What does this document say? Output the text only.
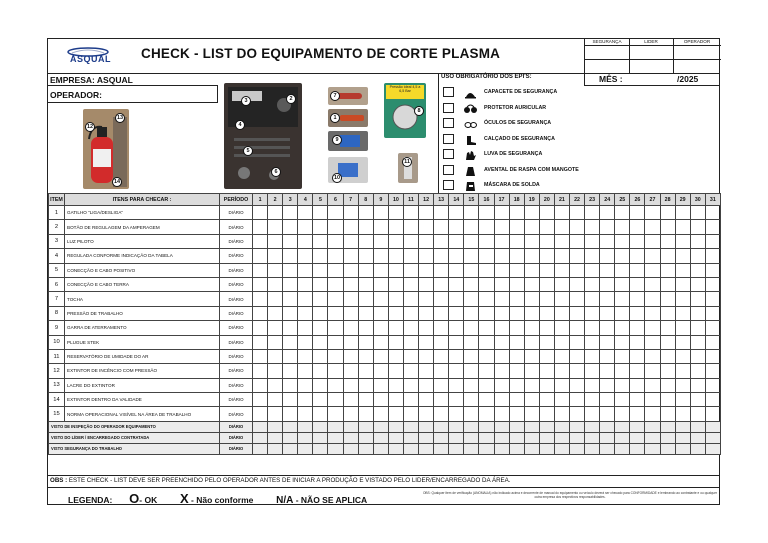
ASQUAL CHECK - LIST DO EQUIPAMENTO DE CORTE PLASMA
SEGURANÇA	LIDER	OPERADOR
EMPRESA: ASQUAL
OPERADOR:
MÊS :	/2025
12
13
14
3	2
4
5
6
7
1
9
10
Pressão ideal 4,5 a 6,5 Bar
8
11
USO OBRIGATÓRIO DOS EPI'S:
CAPACETE DE SEGURANÇA
PROTETOR AURICULAR
ÓCULOS DE SEGURANÇA
CALÇADO DE SEGURANÇA
LUVA DE SEGURANÇA
AVENTAL DE RASPA COM MANGOTE
MÁSCARA DE SOLDA
ITEM	ITENS PARA CHECAR :	PERÍODO	1	2	3	4	5	6	7	8	9	10	11	12	13	14	15	16	17	18	19	20	21	22	23	24	25	26	27	28	29	30	31
1	GATILHO "LIGA/DESLIGA"	DIÁRIO																															
2	BOTÃO DE REGULAGEM DA AMPERAGEM	DIÁRIO																															
3	LUZ PILOTO	DIÁRIO																															
4	REGULADA CONFORME INDICAÇÃO DA TABELA	DIÁRIO																															
5	CONECÇÃO E CABO POSITIVO	DIÁRIO																															
6	CONECÇÃO E CABO TERRA	DIÁRIO																															
7	TOCHA	DIÁRIO																															
8	PRESSÃO DE TRABALHO	DIÁRIO																															
9	GARRA DE ATERRAMENTO	DIÁRIO																															
10	PLUGUE STEK	DIÁRIO																															
11	RESERVATÓRIO DE UMIDADE DO AR	DIÁRIO																															
12	EXTINTOR DE INCÊNCIO COM PRESSÃO	DIÁRIO																															
13	LACRE DO EXTINTOR	DIÁRIO																															
14	EXTINTOR DENTRO DA VALIDADE	DIÁRIO																															
15	NORMA OPERACIONAL VISÍVEL NA ÁREA DE TRABALHO	DIÁRIO																															
VISTO DE INSPEÇÃO DO OPERADOR EQUIPAMENTO		DIÁRIO																															
VISTO DO LÍDER / ENCARREGADO CONTRATADA		DIÁRIO																															
VISTO SEGURANÇA DO TRABALHO		DIÁRIO																															
OBS : ESTE CHECK - LIST DEVE SER PREENCHIDO PELO OPERADOR ANTES DE INICIAR A PRODUÇÃO E VISTADO PELO LIDER/ENCARREGADO DA ÁREA.
LEGENDA: O- OK X - Não conforme N/A - NÃO SE APLICA
OBS: Qualquer item de verificação (ANOMALIA) não indicado acima e decorrente de manual do equipamento ou veículo deverá ser checado para CONFORMIDADE e lembrando ao contratante e ou qualquer outra empresa dos respectivos responsabilidades.
